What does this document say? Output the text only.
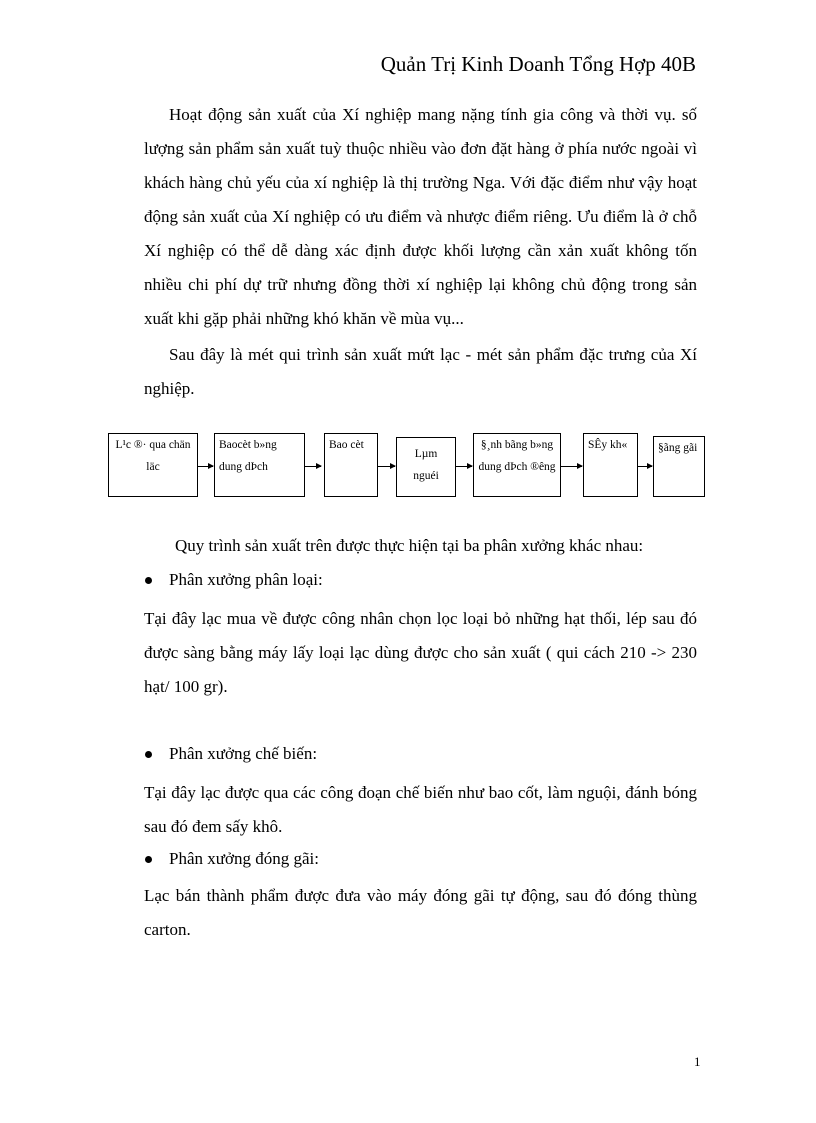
Quản Trị Kinh Doanh Tổng Hợp 40B

Hoạt động sản xuất của Xí nghiệp mang nặng tính gia công và thời vụ. số lượng sản phẩm sản xuất tuỳ thuộc nhiều vào đơn đặt hàng ở phía nước ngoài vì khách hàng chủ yếu của xí nghiệp là thị trường Nga. Với đặc điểm như vậy hoạt động sản xuất của Xí nghiệp có ưu điểm và nhược điểm riêng. Ưu điểm là ở chỗ Xí nghiệp có thể dễ dàng xác định được khối lượng cần xản xuất không tốn nhiều chi phí dự trữ nhưng đồng thời xí nghiệp lại không chủ động trong sản xuất khi gặp phải những khó khăn về mùa vụ...

Sau đây là mét qui trình sản xuất mứt lạc - mét sản phẩm đặc trưng của Xí nghiệp.

L¹c ®· qua chän läc
Baocèt b»ng dung dÞch
Bao cèt
Lµm nguéi
§¸nh bãng b»ng dung dÞch ®êng
SÊy kh«	§ãng gãi
Quy trình sản xuất trên được thực hiện tại ba phân xưởng khác nhau:
Phân xưởng phân loại:

Tại đây lạc mua về được công nhân chọn lọc loại bỏ những hạt thối, lép sau đó được sàng bằng máy lấy loại lạc dùng được cho sản xuất ( qui cách 210 -> 230 hạt/ 100 gr).

Phân xưởng chế biến:

Tại đây lạc được qua các công đoạn chế biến như bao cốt, làm nguội, đánh bóng sau đó đem sấy khô.

Phân xưởng đóng gãi:

Lạc bán thành phẩm được đưa vào máy đóng gãi tự động, sau đó đóng thùng carton.

1
